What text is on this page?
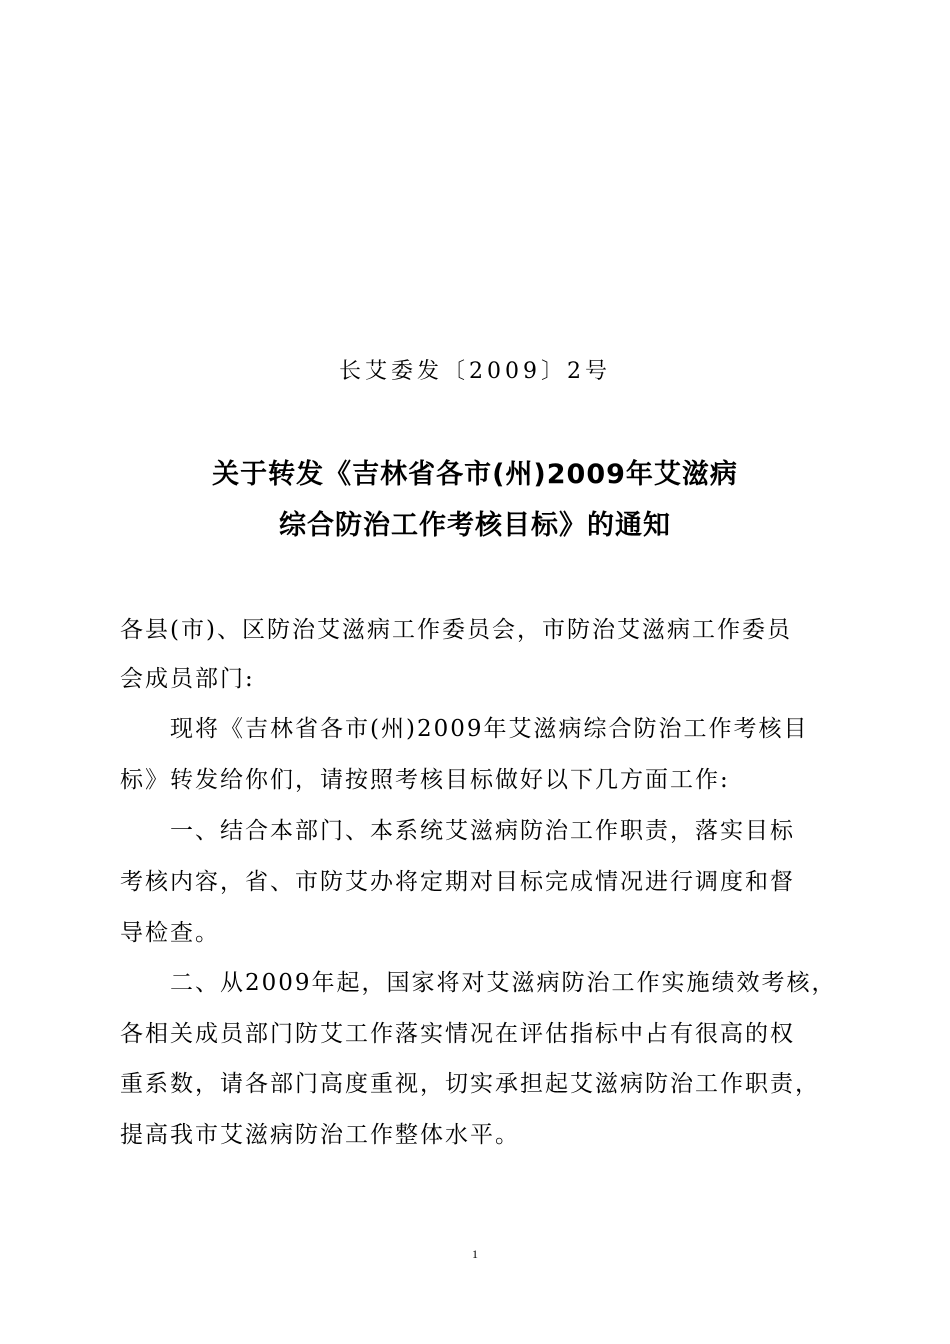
长艾委发〔2009〕2号
关于转发《吉林省各市(州)2009年艾滋病
综合防治工作考核目标》的通知
各县(市)、区防治艾滋病工作委员会，市防治艾滋病工作委员
会成员部门:
现将《吉林省各市(州)2009年艾滋病综合防治工作考核目
标》转发给你们，请按照考核目标做好以下几方面工作:
一、结合本部门、本系统艾滋病防治工作职责，落实目标
考核内容，省、市防艾办将定期对目标完成情况进行调度和督
导检查。
二、从2009年起，国家将对艾滋病防治工作实施绩效考核，
各相关成员部门防艾工作落实情况在评估指标中占有很高的权
重系数，请各部门高度重视，切实承担起艾滋病防治工作职责，
提高我市艾滋病防治工作整体水平。
1
